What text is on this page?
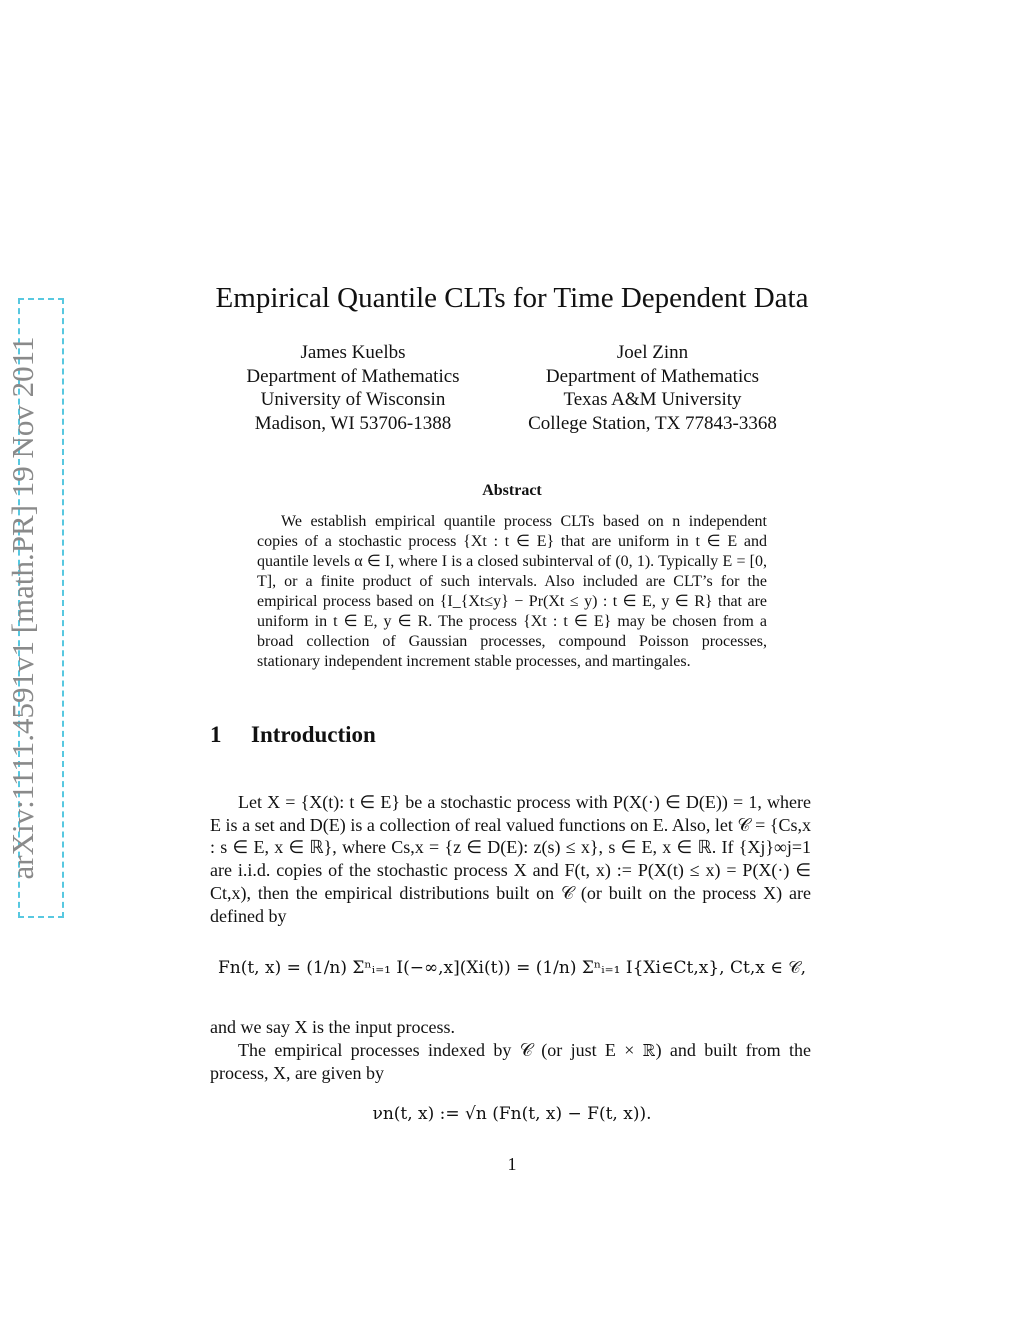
arXiv:1111.4591v1 [math.PR] 19 Nov 2011
Empirical Quantile CLTs for Time Dependent Data
James Kuelbs
Department of Mathematics
University of Wisconsin
Madison, WI 53706-1388
Joel Zinn
Department of Mathematics
Texas A&M University
College Station, TX 77843-3368
Abstract

We establish empirical quantile process CLTs based on n independent copies of a stochastic process {Xt : t ∈ E} that are uniform in t ∈ E and quantile levels α ∈ I, where I is a closed subinterval of (0, 1). Typically E = [0, T], or a finite product of such intervals. Also included are CLT’s for the empirical process based on {I_{Xt≤y} − Pr(Xt ≤ y) : t ∈ E, y ∈ R} that are uniform in t ∈ E, y ∈ R. The process {Xt : t ∈ E} may be chosen from a broad collection of Gaussian processes, compound Poisson processes, stationary independent increment stable processes, and martingales.

1 Introduction

Let X = {X(t): t ∈ E} be a stochastic process with P(X(·) ∈ D(E)) = 1, where E is a set and D(E) is a collection of real valued functions on E. Also, let 𝒞 = {Cs,x : s ∈ E, x ∈ ℝ}, where Cs,x = {z ∈ D(E): z(s) ≤ x}, s ∈ E, x ∈ ℝ. If {Xj}∞j=1 are i.i.d. copies of the stochastic process X and F(t, x) := P(X(t) ≤ x) = P(X(·) ∈ Ct,x), then the empirical distributions built on 𝒞 (or built on the process X) are defined by

Fn(t, x) = (1/n) Σⁿᵢ₌₁ I(−∞,x](Xi(t)) = (1/n) Σⁿᵢ₌₁ I{Xi∈Ct,x}, Ct,x ∈ 𝒞,

and we say X is the input process.

The empirical processes indexed by 𝒞 (or just E × ℝ) and built from the process, X, are given by

νn(t, x) := √n (Fn(t, x) − F(t, x)).
1
